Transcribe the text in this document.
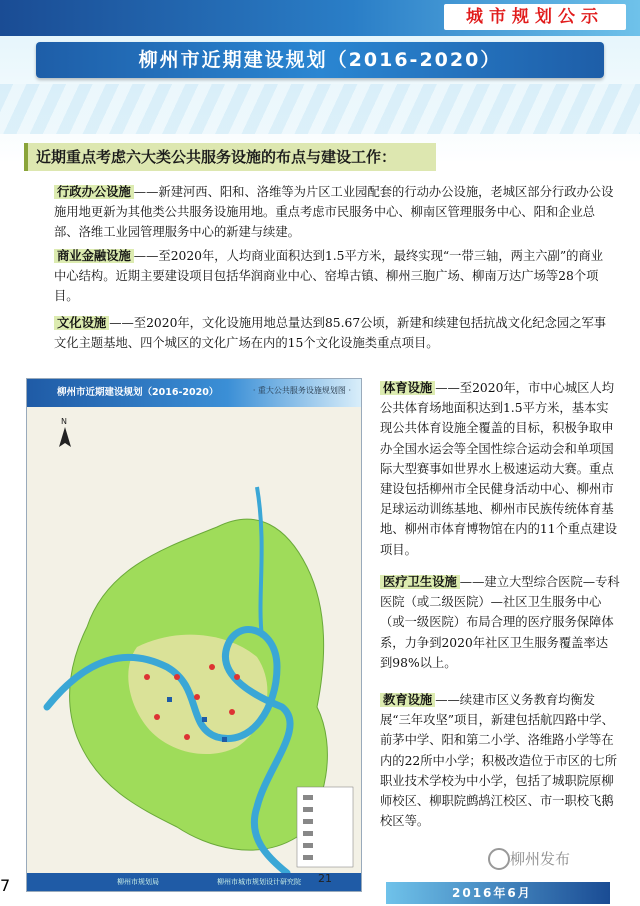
城市规划公示
柳州市近期建设规划（2016-2020）
近期重点考虑六大类公共服务设施的布点与建设工作：
行政办公设施 ——新建河西、阳和、洛维等为片区工业园配套的行动办公设施，老城区部分行政办公设施用地更新为其他类公共服务设施用地。重点考虑市民服务中心、柳南区管理服务中心、阳和企业总部、洛维工业园管理服务中心的新建与续建。
商业金融设施 ——至2020年，人均商业面积达到1.5平方米，最终实现“一带三轴，两主六副”的商业中心结构。近期主要建设项目包括华润商业中心、窑埠古镇、柳州三胞广场、柳南万达广场等28个项目。
文化设施 ——至2020年，文化设施用地总量达到85.67公顷，新建和续建包括抗战文化纪念园之军事文化主题基地、四个城区的文化广场在内的15个文化设施类重点项目。
柳州市近期建设规划（2016-2020）	· 重大公共服务设施规划图 ·
N
柳州市规划局	柳州市城市规划设计研究院 21
体育设施 ——至2020年，市中心城区人均公共体育场地面积达到1.5平方米，基本实现公共体育设施全覆盖的目标，积极争取申办全国水运会等全国性综合运动会和单项国际大型赛事如世界水上极速运动大赛。重点建设包括柳州市全民健身活动中心、柳州市足球运动训练基地、柳州市民族传统体育基地、柳州市体育博物馆在内的11个重点建设项目。
医疗卫生设施 ——建立大型综合医院—专科医院（或二级医院）—社区卫生服务中心（或一级医院）布局合理的医疗服务保障体系，力争到2020年社区卫生服务覆盖率达到98%以上。
教育设施 ——续建市区义务教育均衡发展“三年攻坚”项目，新建包括航四路中学、前茅中学、阳和第二小学、洛维路小学等在内的22所中小学；积极改造位于市区的七所职业技术学校为中小学，包括了城职院原柳师校区、柳职院鹧鸪江校区、市一职校飞鹅校区等。
柳州发布
2016年6月
7
